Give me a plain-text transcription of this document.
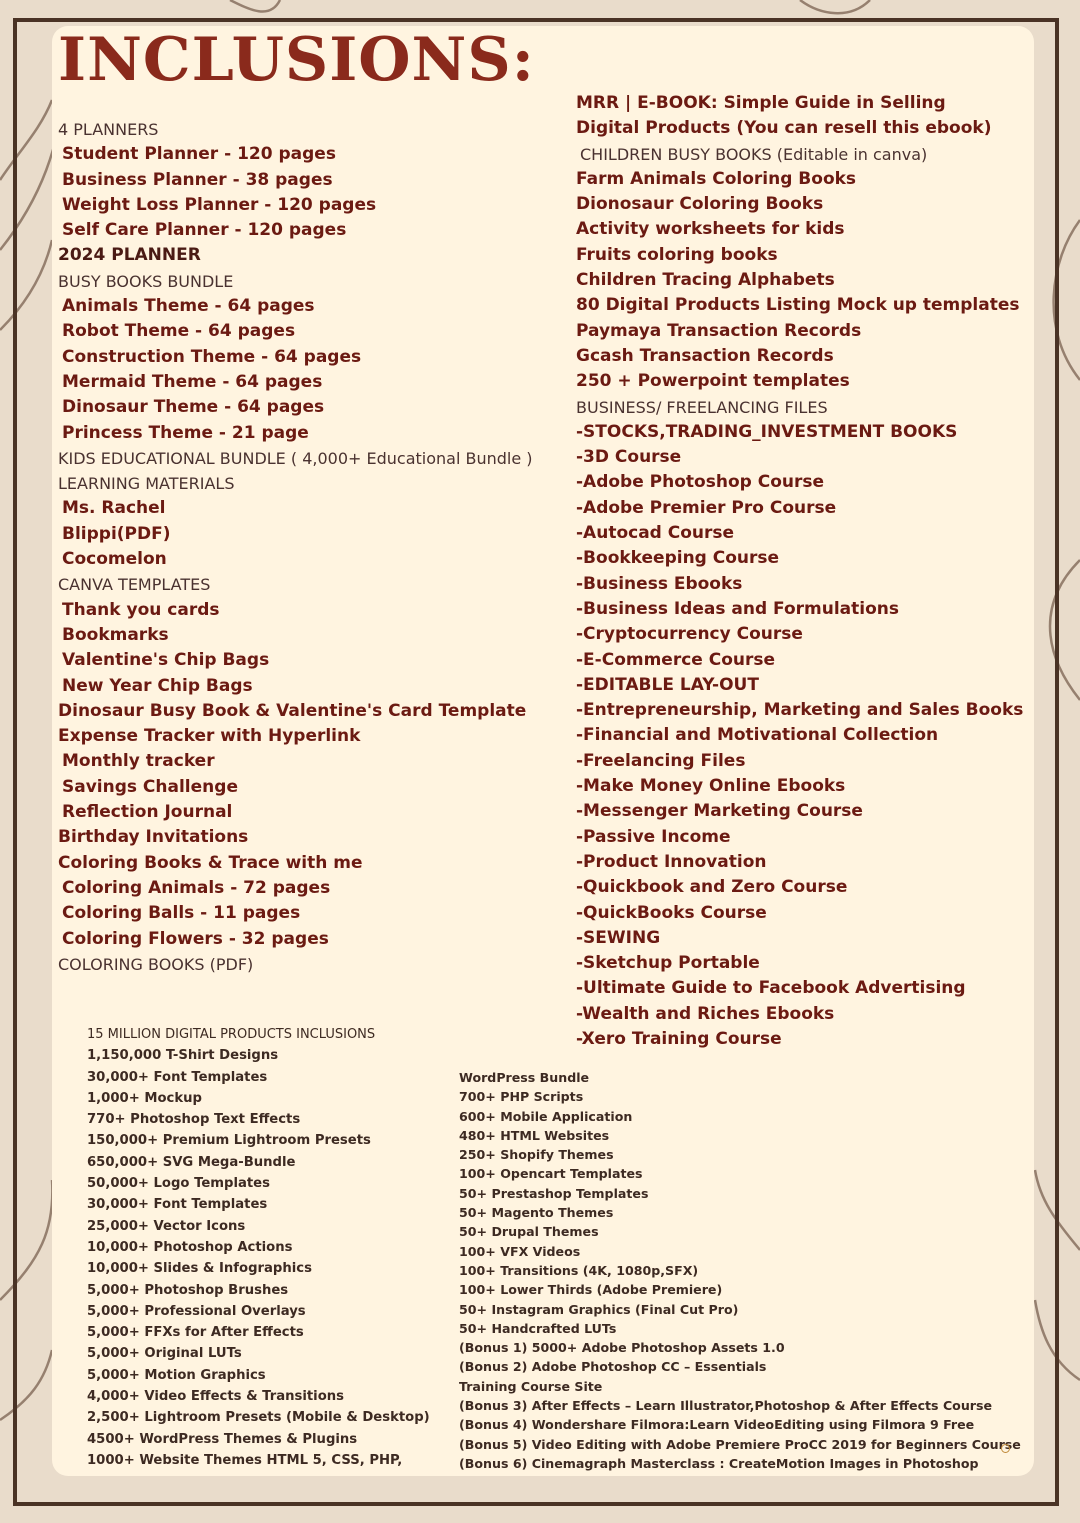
INCLUSIONS:
4 PLANNERS
Student Planner - 120 pages
Business Planner - 38 pages
Weight Loss Planner - 120 pages
Self Care Planner - 120 pages
2024 PLANNER
BUSY BOOKS BUNDLE
Animals Theme - 64 pages
Robot Theme - 64 pages
Construction Theme - 64 pages
Mermaid Theme - 64 pages
Dinosaur Theme - 64 pages
Princess Theme - 21 page
KIDS EDUCATIONAL BUNDLE ( 4,000+ Educational Bundle )
LEARNING MATERIALS
Ms. Rachel
Blippi(PDF)
Cocomelon
CANVA TEMPLATES
Thank you cards
Bookmarks
Valentine's Chip Bags
New Year Chip Bags
Dinosaur Busy Book & Valentine's Card Template
Expense Tracker with Hyperlink
Monthly tracker
Savings Challenge
Reflection Journal
Birthday Invitations
Coloring Books & Trace with me
Coloring Animals - 72 pages
Coloring Balls - 11 pages
Coloring Flowers - 32 pages
COLORING BOOKS (PDF)
MRR | E-BOOK: Simple Guide in Selling Digital Products (You can resell this ebook)
CHILDREN BUSY BOOKS (Editable in canva)
Farm Animals Coloring Books
Dionosaur Coloring Books
Activity worksheets for kids
Fruits coloring books
Children Tracing Alphabets
80 Digital Products Listing Mock up templates
Paymaya Transaction Records
Gcash Transaction Records
250 + Powerpoint templates
BUSINESS/ FREELANCING FILES
-STOCKS,TRADING_INVESTMENT BOOKS
-3D Course
-Adobe Photoshop Course
-Adobe Premier Pro Course
-Autocad Course
-Bookkeeping Course
-Business Ebooks
-Business Ideas and Formulations
-Cryptocurrency Course
-E-Commerce Course
-EDITABLE LAY-OUT
-Entrepreneurship, Marketing and Sales Books
-Financial and Motivational Collection
-Freelancing Files
-Make Money Online Ebooks
-Messenger Marketing Course
-Passive Income
-Product Innovation
-Quickbook and Zero Course
-QuickBooks Course
-SEWING
-Sketchup Portable
-Ultimate Guide to Facebook Advertising
-Wealth and Riches Ebooks
-Xero Training Course
15 MILLION DIGITAL PRODUCTS INCLUSIONS
1,150,000 T-Shirt Designs
30,000+ Font Templates
1,000+ Mockup
770+ Photoshop Text Effects
150,000+ Premium Lightroom Presets
650,000+ SVG Mega-Bundle
50,000+ Logo Templates
30,000+ Font Templates
25,000+ Vector Icons
10,000+ Photoshop Actions
10,000+ Slides & Infographics
5,000+ Photoshop Brushes
5,000+ Professional Overlays
5,000+ FFXs for After Effects
5,000+ Original LUTs
5,000+ Motion Graphics
4,000+ Video Effects & Transitions
2,500+ Lightroom Presets (Mobile & Desktop)
4500+ WordPress Themes & Plugins
1000+ Website Themes HTML 5, CSS, PHP,
WordPress Bundle
700+ PHP Scripts
600+ Mobile Application
480+ HTML Websites
250+ Shopify Themes
100+ Opencart Templates
50+ Prestashop Templates
50+ Magento Themes
50+ Drupal Themes
100+ VFX Videos
100+ Transitions (4K, 1080p,SFX)
100+ Lower Thirds (Adobe Premiere)
50+ Instagram Graphics (Final Cut Pro)
50+ Handcrafted LUTs
(Bonus 1) 5000+ Adobe Photoshop Assets 1.0
(Bonus 2) Adobe Photoshop CC – Essentials
Training Course Site
(Bonus 3) After Effects – Learn Illustrator,Photoshop & After Effects Course
(Bonus 4) Wondershare Filmora:Learn VideoEditing using Filmora 9 Free
(Bonus 5) Video Editing with Adobe Premiere ProCC 2019 for Beginners Course
(Bonus 6) Cinemagraph Masterclass : CreateMotion Images in Photoshop
